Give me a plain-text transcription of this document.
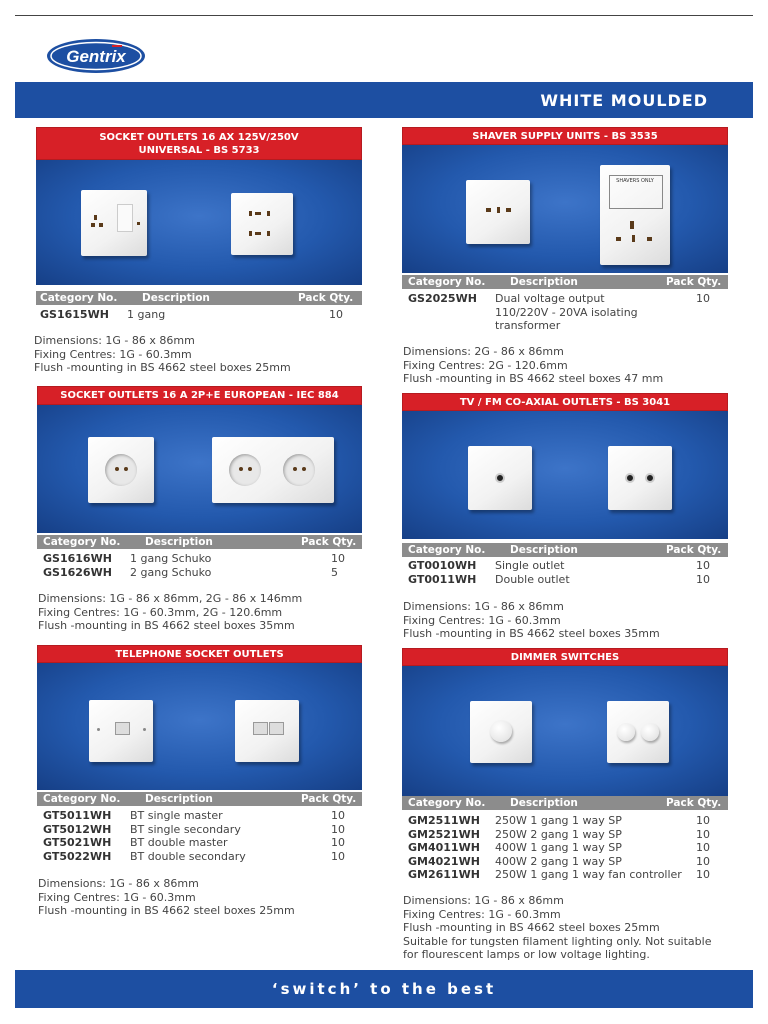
Gentrix
WHITE MOULDED
SOCKET OUTLETS 16 AX 125V/250V
UNIVERSAL - BS 5733
Category No. Description	Pack Qty.
GS1615WH 1 gang	10
Dimensions: 1G - 86 x 86mm
Fixing Centres: 1G - 60.3mm
Flush -mounting in BS 4662 steel boxes 25mm
SHAVER SUPPLY UNITS - BS 3535
SHAVERS ONLY
Category No. Description	Pack Qty.
GS2025WH Dual voltage output
110/220V - 20VA isolating
transformer
10
Dimensions: 2G - 86 x 86mm
Fixing Centres: 2G - 120.6mm
Flush -mounting in BS 4662 steel boxes 47 mm
SOCKET OUTLETS 16 A 2P+E EUROPEAN - IEC 884
Category No. Description	Pack Qty.
GS1616WH 1 gang Schuko	10
GS1626WH 2 gang Schuko	5
Dimensions: 1G - 86 x 86mm, 2G - 86 x 146mm
Fixing Centres: 1G - 60.3mm, 2G - 120.6mm
Flush -mounting in BS 4662 steel boxes 35mm
TV / FM CO-AXIAL OUTLETS - BS 3041
Category No. Description	Pack Qty.
GT0010WH Single outlet	10
GT0011WH Double outlet	10
Dimensions: 1G - 86 x 86mm
Fixing Centres: 1G - 60.3mm
Flush -mounting in BS 4662 steel boxes 35mm
TELEPHONE SOCKET OUTLETS
Category No. Description	Pack Qty.
GT5011WH BT single master	10
GT5012WH BT single secondary	10
GT5021WH BT double master	10
GT5022WH BT double secondary	10
Dimensions: 1G - 86 x 86mm
Fixing Centres: 1G - 60.3mm
Flush -mounting in BS 4662 steel boxes 25mm
DIMMER SWITCHES
Category No. Description	Pack Qty.
GM2511WH 250W 1 gang 1 way SP	10
GM2521WH 250W 2 gang 1 way SP	10
GM4011WH 400W 1 gang 1 way SP	10
GM4021WH 400W 2 gang 1 way SP	10
GM2611WH 250W 1 gang 1 way fan controller 10
Dimensions: 1G - 86 x 86mm
Fixing Centres: 1G - 60.3mm
Flush -mounting in BS 4662 steel boxes 25mm
Suitable for tungsten filament lighting only. Not suitable
for flourescent lamps or low voltage lighting.
‘switch’ to the best
